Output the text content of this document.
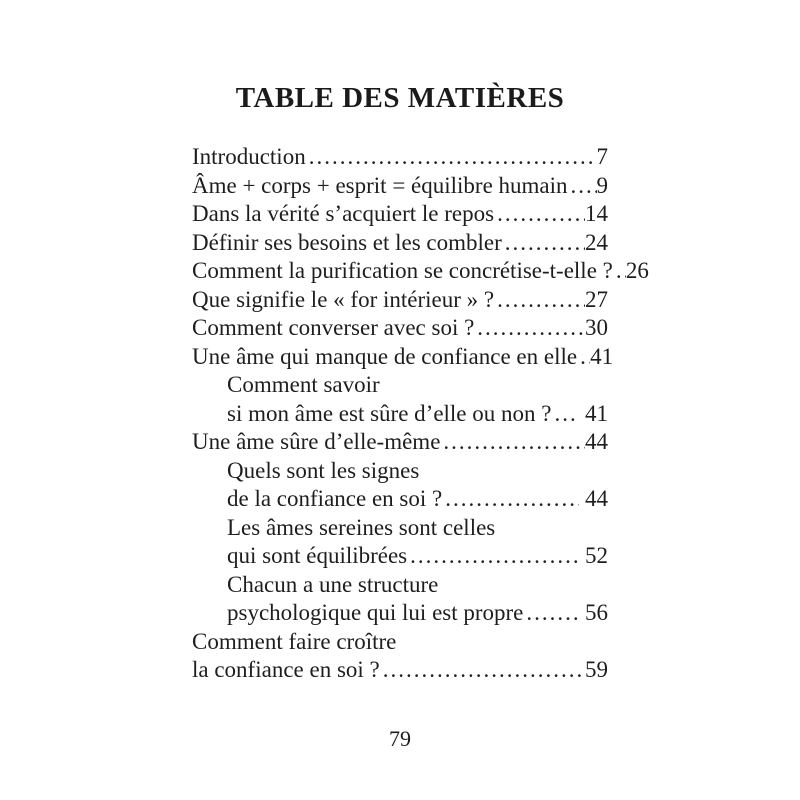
TABLE DES MATIÈRES
Introduction .....	7
Âme + corps + esprit = équilibre humain ..... 9
Dans la vérité s’acquiert le repos .....	14
Définir ses besoins et les combler .....	24
Comment la purification se concrétise-t-elle ? ..... 26
Que signifie le « for intérieur » ? .....	27
Comment converser avec soi ? .....	30
Une âme qui manque de confiance en elle ..... 41
Comment savoir
si mon âme est sûre d’elle ou non ? ..... 41
Une âme sûre d’elle-même .....	44
Quels sont les signes
de la confiance en soi ? .....	44
Les âmes sereines sont celles
qui sont équilibrées .....	52
Chacun a une structure
psychologique qui lui est propre .....	56
Comment faire croître
la confiance en soi ? .....	59
79
